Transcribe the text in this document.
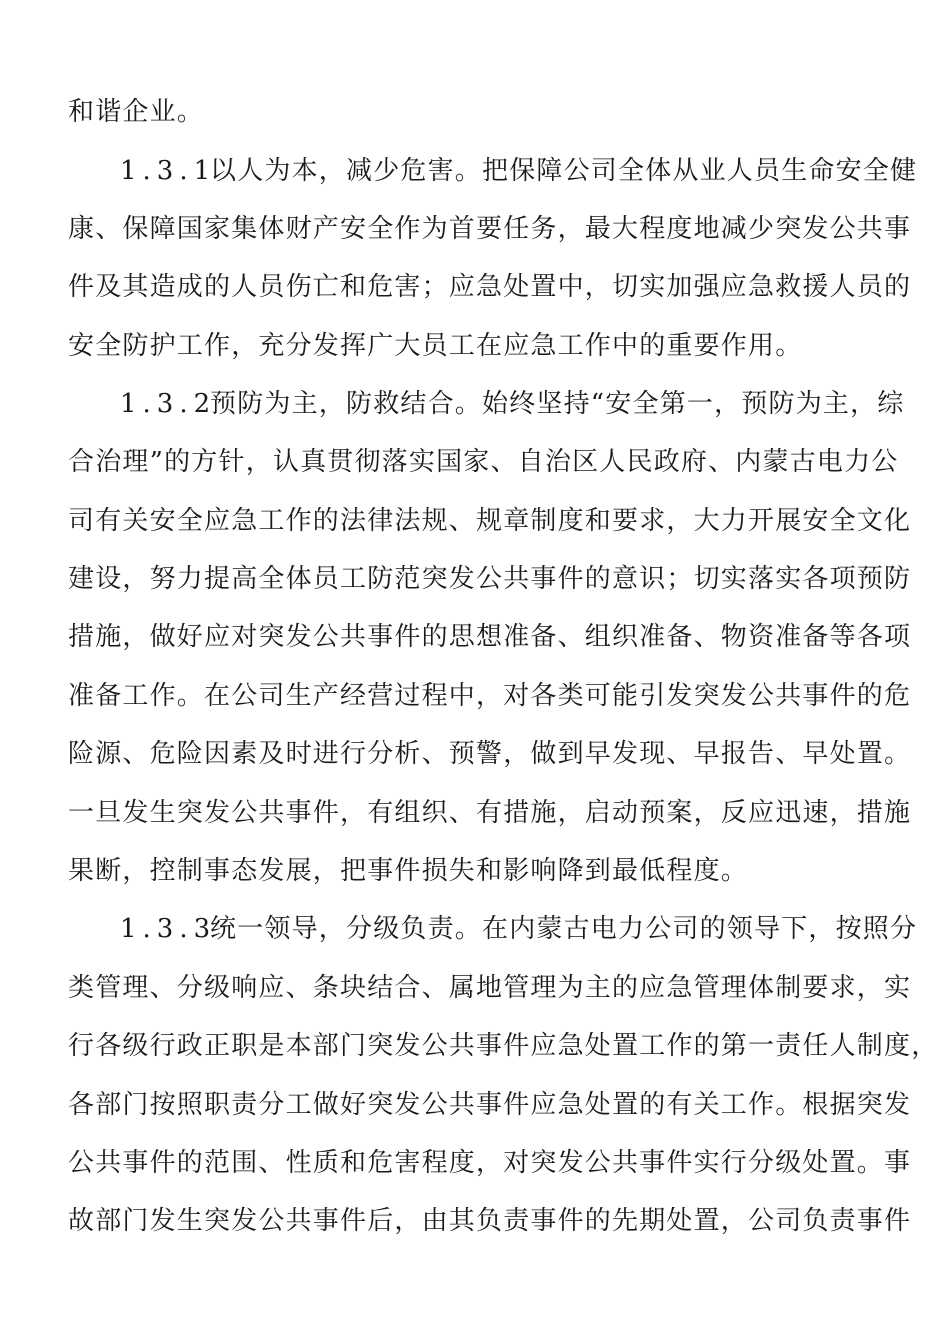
和谐企业。
1.3.1以人为本，减少危害。把保障公司全体从业人员生命安全健
康、保障国家集体财产安全作为首要任务，最大程度地减少突发公共事
件及其造成的人员伤亡和危害；应急处置中，切实加强应急救援人员的
安全防护工作，充分发挥广大员工在应急工作中的重要作用。
1.3.2预防为主，防救结合。始终坚持“安全第一，预防为主，综
合治理”的方针，认真贯彻落实国家、自治区人民政府、内蒙古电力公
司有关安全应急工作的法律法规、规章制度和要求，大力开展安全文化
建设，努力提高全体员工防范突发公共事件的意识；切实落实各项预防
措施，做好应对突发公共事件的思想准备、组织准备、物资准备等各项
准备工作。在公司生产经营过程中，对各类可能引发突发公共事件的危
险源、危险因素及时进行分析、预警，做到早发现、早报告、早处置。
一旦发生突发公共事件，有组织、有措施，启动预案，反应迅速，措施
果断，控制事态发展，把事件损失和影响降到最低程度。
1.3.3统一领导，分级负责。在内蒙古电力公司的领导下，按照分
类管理、分级响应、条块结合、属地管理为主的应急管理体制要求，实
行各级行政正职是本部门突发公共事件应急处置工作的第一责任人制度，
各部门按照职责分工做好突发公共事件应急处置的有关工作。根据突发
公共事件的范围、性质和危害程度，对突发公共事件实行分级处置。事
故部门发生突发公共事件后，由其负责事件的先期处置，公司负责事件
